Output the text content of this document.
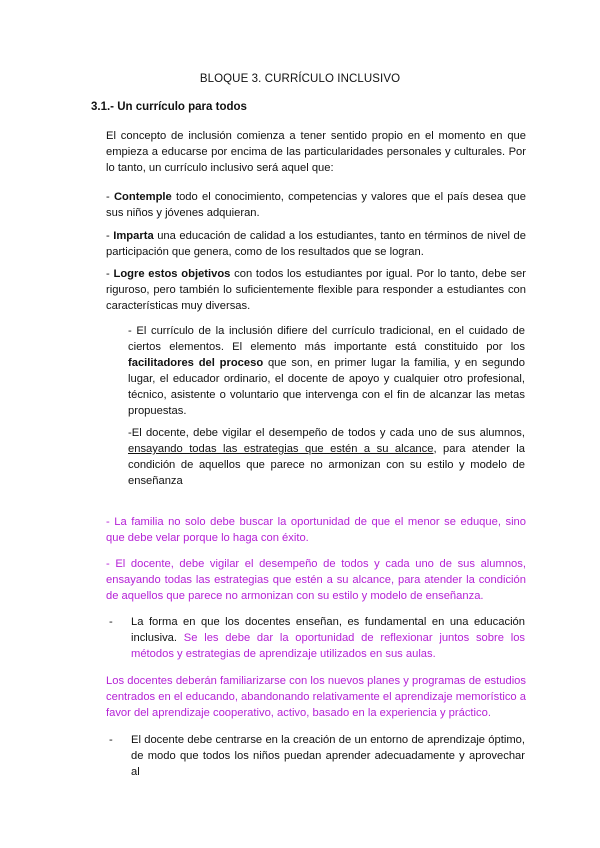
BLOQUE 3. CURRÍCULO INCLUSIVO
3.1.- Un currículo para todos
El concepto de inclusión comienza a tener sentido propio en el momento en que empieza a educarse por encima de las particularidades personales y culturales. Por lo tanto, un currículo inclusivo será aquel que:
- Contemple todo el conocimiento, competencias y valores que el país desea que sus niños y jóvenes adquieran.
- Imparta una educación de calidad a los estudiantes, tanto en términos de nivel de participación que genera, como de los resultados que se logran.
- Logre estos objetivos con todos los estudiantes por igual. Por lo tanto, debe ser riguroso, pero también lo suficientemente flexible para responder a estudiantes con características muy diversas.
- El currículo de la inclusión difiere del currículo tradicional, en el cuidado de ciertos elementos. El elemento más importante está constituido por los facilitadores del proceso que son, en primer lugar la familia, y en segundo lugar, el educador ordinario, el docente de apoyo y cualquier otro profesional, técnico, asistente o voluntario que intervenga con el fin de alcanzar las metas propuestas.
-El docente, debe vigilar el desempeño de todos y cada uno de sus alumnos, ensayando todas las estrategias que estén a su alcance, para atender la condición de aquellos que parece no armonizan con su estilo y modelo de enseñanza
- La familia no solo debe buscar la oportunidad de que el menor se eduque, sino que debe velar porque lo haga con éxito.
- El docente, debe vigilar el desempeño de todos y cada uno de sus alumnos, ensayando todas las estrategias que estén a su alcance, para atender la condición de aquellos que parece no armonizan con su estilo y modelo de enseñanza.
- La forma en que los docentes enseñan, es fundamental en una educación inclusiva. Se les debe dar la oportunidad de reflexionar juntos sobre los métodos y estrategias de aprendizaje utilizados en sus aulas.
Los docentes deberán familiarizarse con los nuevos planes y programas de estudios centrados en el educando, abandonando relativamente el aprendizaje memorístico a favor del aprendizaje cooperativo, activo, basado en la experiencia y práctico.
- El docente debe centrarse en la creación de un entorno de aprendizaje óptimo, de modo que todos los niños puedan aprender adecuadamente y aprovechar al
